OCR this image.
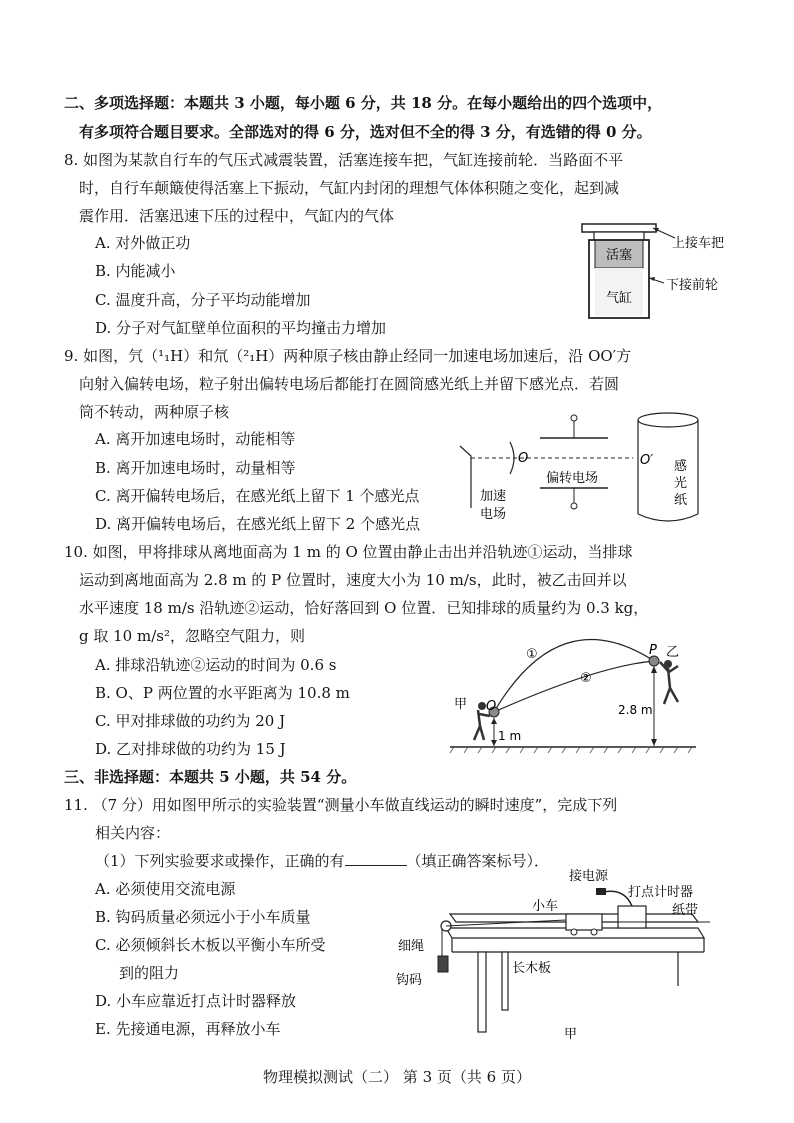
二、多项选择题：本题共 3 小题，每小题 6 分，共 18 分。在每小题给出的四个选项中，
有多项符合题目要求。全部选对的得 6 分，选对但不全的得 3 分，有选错的得 0 分。
8. 如图为某款自行车的气压式减震装置，活塞连接车把，气缸连接前轮．当路面不平
时，自行车颠簸使得活塞上下振动，气缸内封闭的理想气体体积随之变化，起到减
震作用．活塞迅速下压的过程中，气缸内的气体
A. 对外做正功
B. 内能减小
C. 温度升高，分子平均动能增加
D. 分子对气缸壁单位面积的平均撞击力增加
活塞
气缸
上接车把
下接前轮
9. 如图，氕（¹₁H）和氘（²₁H）两种原子核由静止经同一加速电场加速后，沿 OO′方
向射入偏转电场，粒子射出偏转电场后都能打在圆筒感光纸上并留下感光点．若圆
筒不转动，两种原子核
A. 离开加速电场时，动能相等
B. 离开加速电场时，动量相等
C. 离开偏转电场后，在感光纸上留下 1 个感光点
D. 离开偏转电场后，在感光纸上留下 2 个感光点
O
偏转电场
加速
电场
O′ 感
光
纸
10. 如图，甲将排球从离地面高为 1 m 的 O 位置由静止击出并沿轨迹①运动，当排球
运动到离地面高为 2.8 m 的 P 位置时，速度大小为 10 m/s，此时，被乙击回并以
水平速度 18 m/s 沿轨迹②运动，恰好落回到 O 位置．已知排球的质量约为 0.3 kg，
g 取 10 m/s²，忽略空气阻力，则
A. 排球沿轨迹②运动的时间为 0.6 s
B. O、P 两位置的水平距离为 10.8 m
C. 甲对排球做的功约为 20 J
D. 乙对排球做的功约为 15 J
O
P
①
②
甲
乙
2.8 m
1 m
三、非选择题：本题共 5 小题，共 54 分。
11. （7 分）用如图甲所示的实验装置“测量小车做直线运动的瞬时速度”，完成下列
相关内容：
（1）下列实验要求或操作，正确的有	（填正确答案标号）．
A. 必须使用交流电源
B. 钩码质量必须远小于小车质量
C. 必须倾斜长木板以平衡小车所受
到的阻力
D. 小车应靠近打点计时器释放
E. 先接通电源，再释放小车
接电源
打点计时器
小车	纸带
细绳
长木板
钩码
甲
物理模拟测试（二） 第 3 页（共 6 页）
